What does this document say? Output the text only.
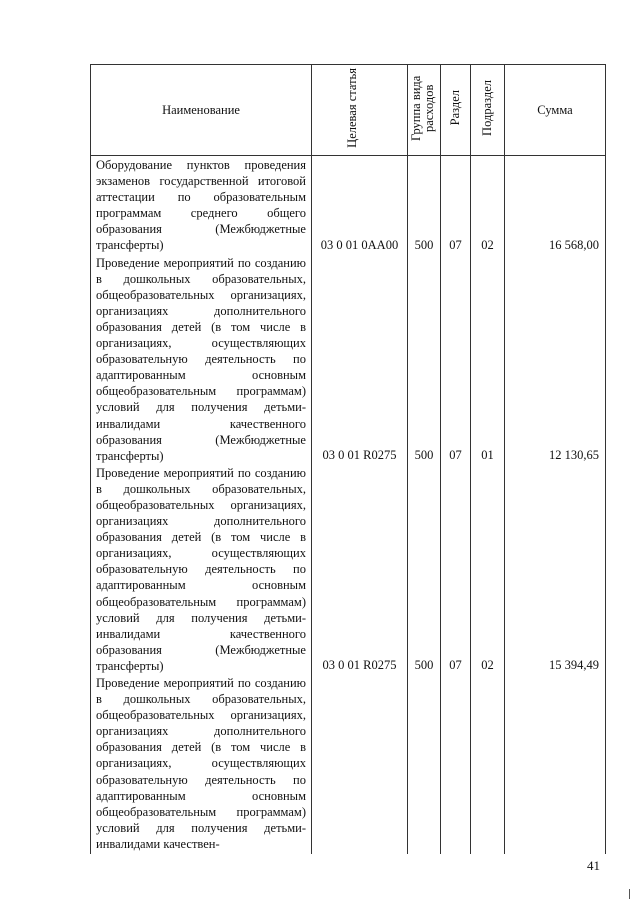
Наименование	Целевая статья	Группа вида расходов	Раздел	Подраздел	Сумма
Оборудование пунктов проведения экзаменов государственной итоговой аттестации по образовательным программам среднего общего образования (Межбюджетные трансферты)	03 0 01 0АА00	500	07	02	16 568,00
Проведение мероприятий по созданию в дошкольных образовательных, общеобразовательных организациях, организациях дополнительного образования детей (в том числе в организациях, осуществляющих образовательную деятельность по адаптированным основным общеобразовательным программам) условий для получения детьми-инвалидами качественного образования (Межбюджетные трансферты)	03 0 01 R0275	500	07	01	12 130,65
Проведение мероприятий по созданию в дошкольных образовательных, общеобразовательных организациях, организациях дополнительного образования детей (в том числе в организациях, осуществляющих образовательную деятельность по адаптированным основным общеобразовательным программам) условий для получения детьми-инвалидами качественного образования (Межбюджетные трансферты)	03 0 01 R0275	500	07	02	15 394,49
Проведение мероприятий по созданию в дошкольных образовательных, общеобразовательных организациях, организациях дополнительного образования детей (в том числе в организациях, осуществляющих образовательную деятельность по адаптированным основным общеобразовательным программам) условий для получения детьми-инвалидами качествен-					
41
